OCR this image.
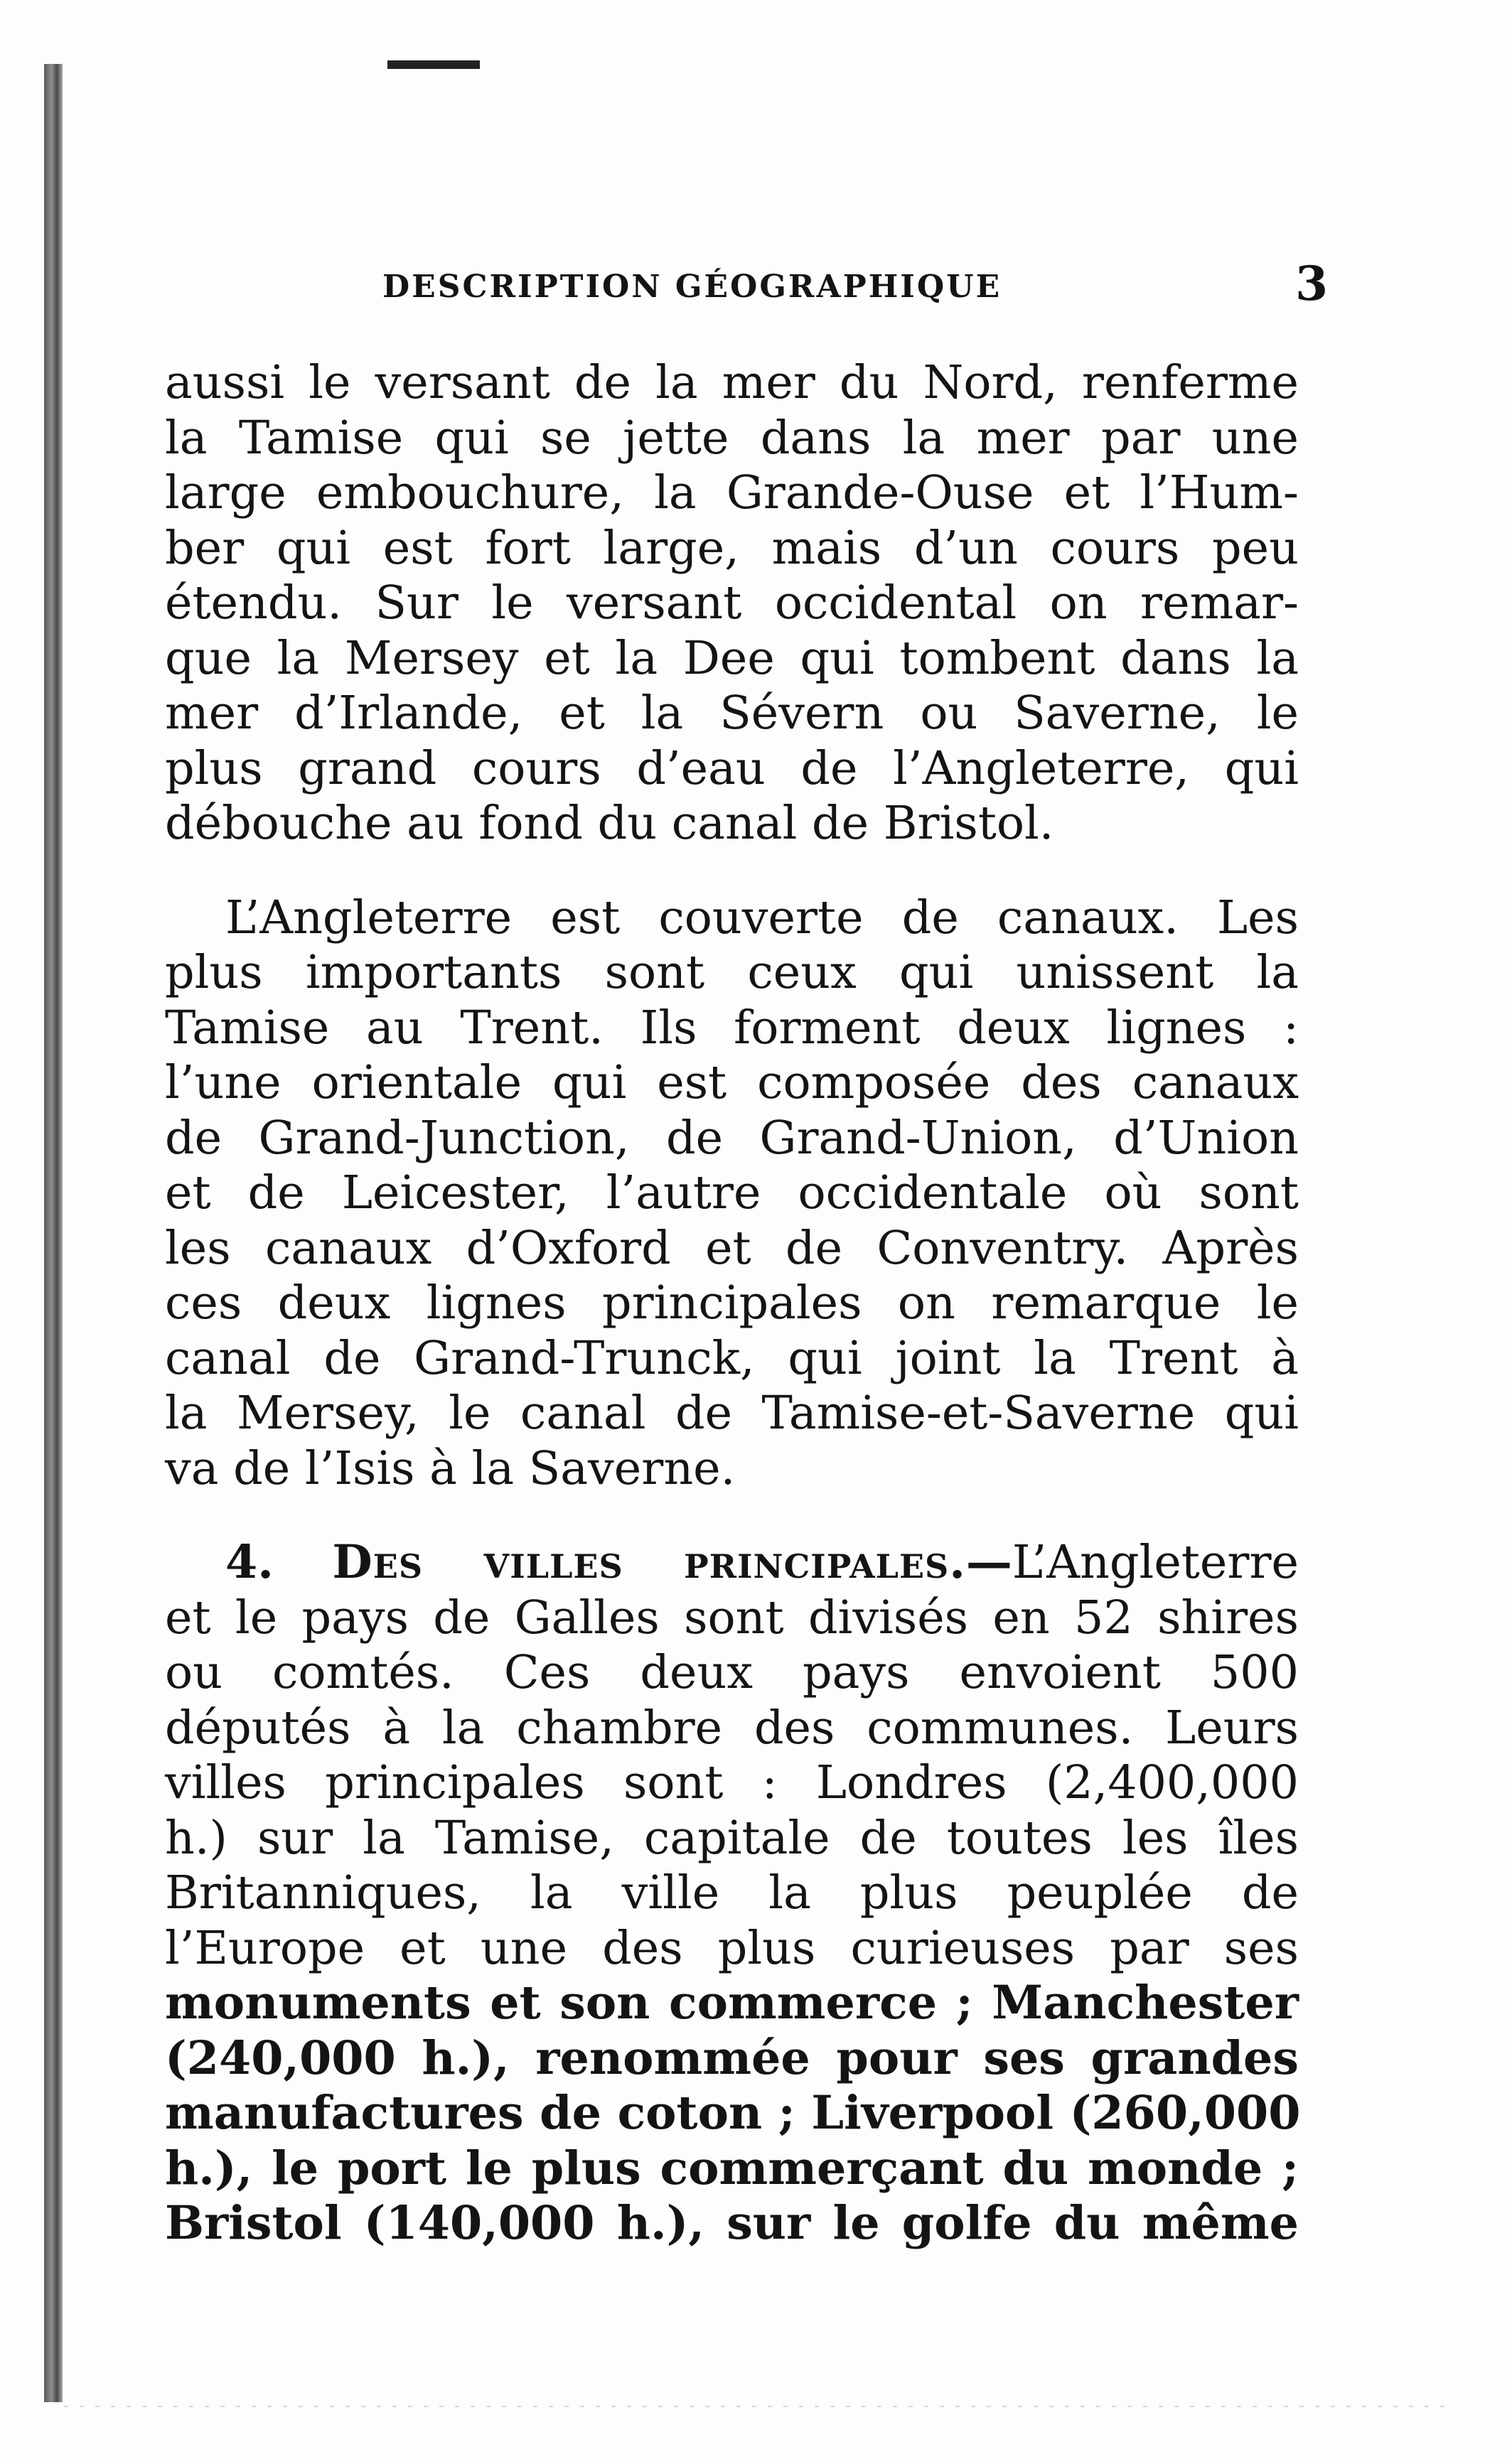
DESCRIPTION GÉOGRAPHIQUE	3
aussi le versant de la mer du Nord, renferme
la Tamise qui se jette dans la mer par une
large embouchure, la Grande-Ouse et l’Hum-
ber qui est fort large, mais d’un cours peu
étendu. Sur le versant occidental on remar-
que la Mersey et la Dee qui tombent dans la
mer d’Irlande, et la Sévern ou Saverne, le
plus grand cours d’eau de l’Angleterre, qui
débouche au fond du canal de Bristol.
L’Angleterre est couverte de canaux. Les
plus importants sont ceux qui unissent la
Tamise au Trent. Ils forment deux lignes :
l’une orientale qui est composée des canaux
de Grand-Junction, de Grand-Union, d’Union
et de Leicester, l’autre occidentale où sont
les canaux d’Oxford et de Conventry. Après
ces deux lignes principales on remarque le
canal de Grand-Trunck, qui joint la Trent à
la Mersey, le canal de Tamise-et-Saverne qui
va de l’Isis à la Saverne.
4. Des villes principales.—L’Angleterre
et le pays de Galles sont divisés en 52 shires
ou comtés. Ces deux pays envoient 500
députés à la chambre des communes. Leurs
villes principales sont : Londres (2,400,000
h.) sur la Tamise, capitale de toutes les îles
Britanniques, la ville la plus peuplée de
l’Europe et une des plus curieuses par ses
monuments et son commerce ; Manchester
(240,000 h.), renommée pour ses grandes
manufactures de coton ; Liverpool (260,000
h.), le port le plus commerçant du monde ;
Bristol (140,000 h.), sur le golfe du même
